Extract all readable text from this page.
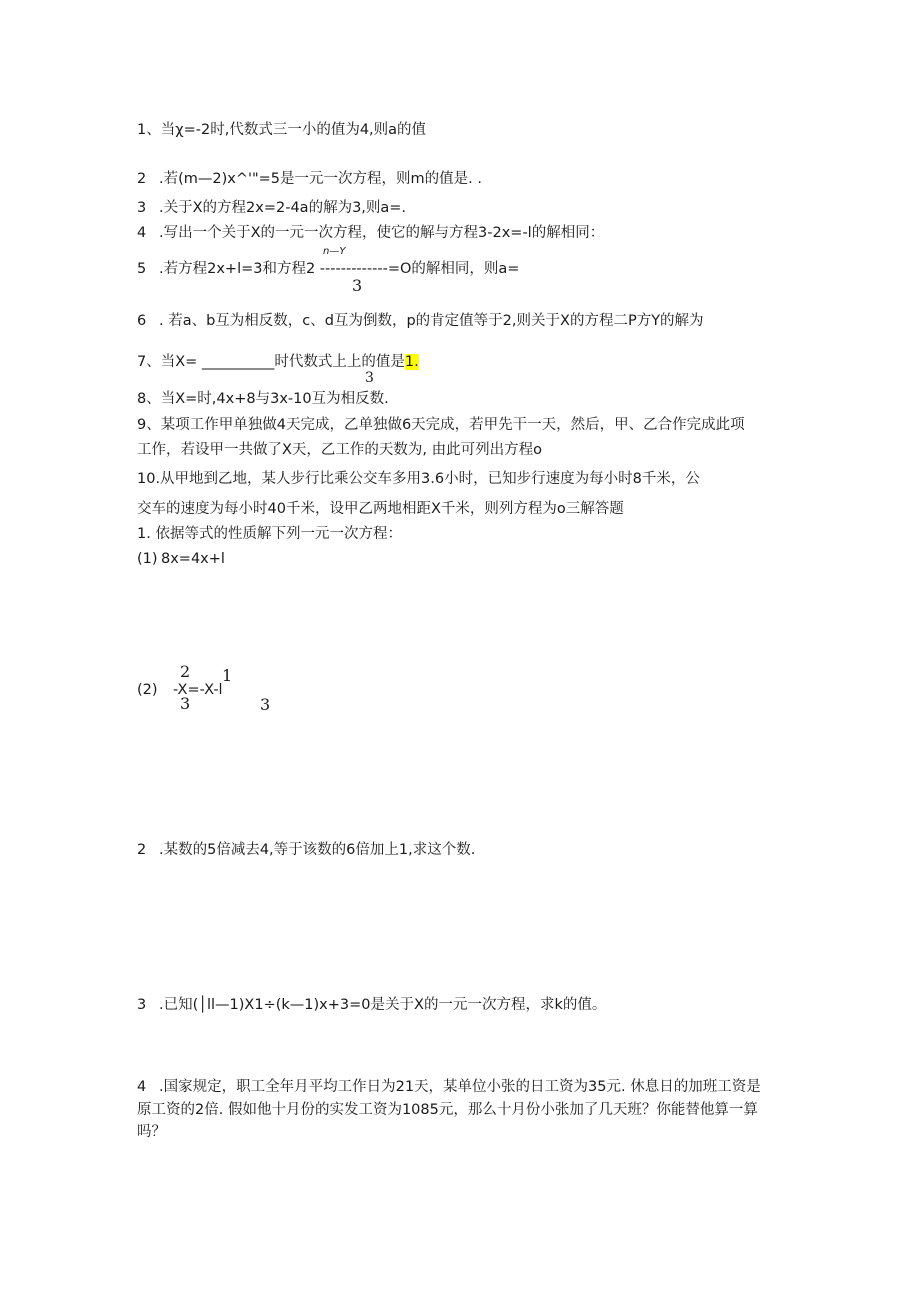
1、当χ=-2时,代数式三一小的值为4,则a的值
2 .若(m—2)x^'"=5是一元一次方程，则m的值是. .
3 .关于X的方程2x=2-4a的解为3,则a=.
4 .写出一个关于X的一元一次方程，使它的解与方程3-2x=-l的解相同：
n—Y
5 .若方程2x+l=3和方程2 -------------=O的解相同，则a=
3
6 . 若a、b互为相反数，c、d互为倒数，p的肯定值等于2,则关于X的方程二P方Y的解为
7、当X= __________时代数式上上的值是1.
3
8、当X=时,4x+8与3x-10互为相反数.
9、某项工作甲单独做4天完成，乙单独做6天完成，若甲先干一天，然后，甲、乙合作完成此项
工作，若设甲一共做了X天，乙工作的天数为, 由此可列出方程o
10.从甲地到乙地，某人步行比乘公交车多用3.6小时，已知步行速度为每小时8千米，公
交车的速度为每小时40千米，设甲乙两地相距X千米，则列方程为o三解答题
1. 依据等式的性质解下列一元一次方程：
(1) 8x=4x+l
2 1
(2) -X=-X-l
3	3
2 .某数的5倍减去4,等于该数的6倍加上1,求这个数.
3 .已知(│ll—1)X1÷(k—1)x+3=0是关于X的一元一次方程，求k的值。
4 .国家规定，职工全年月平均工作日为21天，某单位小张的日工资为35元. 休息日的加班工资是
原工资的2倍. 假如他十月份的实发工资为1085元，那么十月份小张加了几天班？你能替他算一算
吗？
